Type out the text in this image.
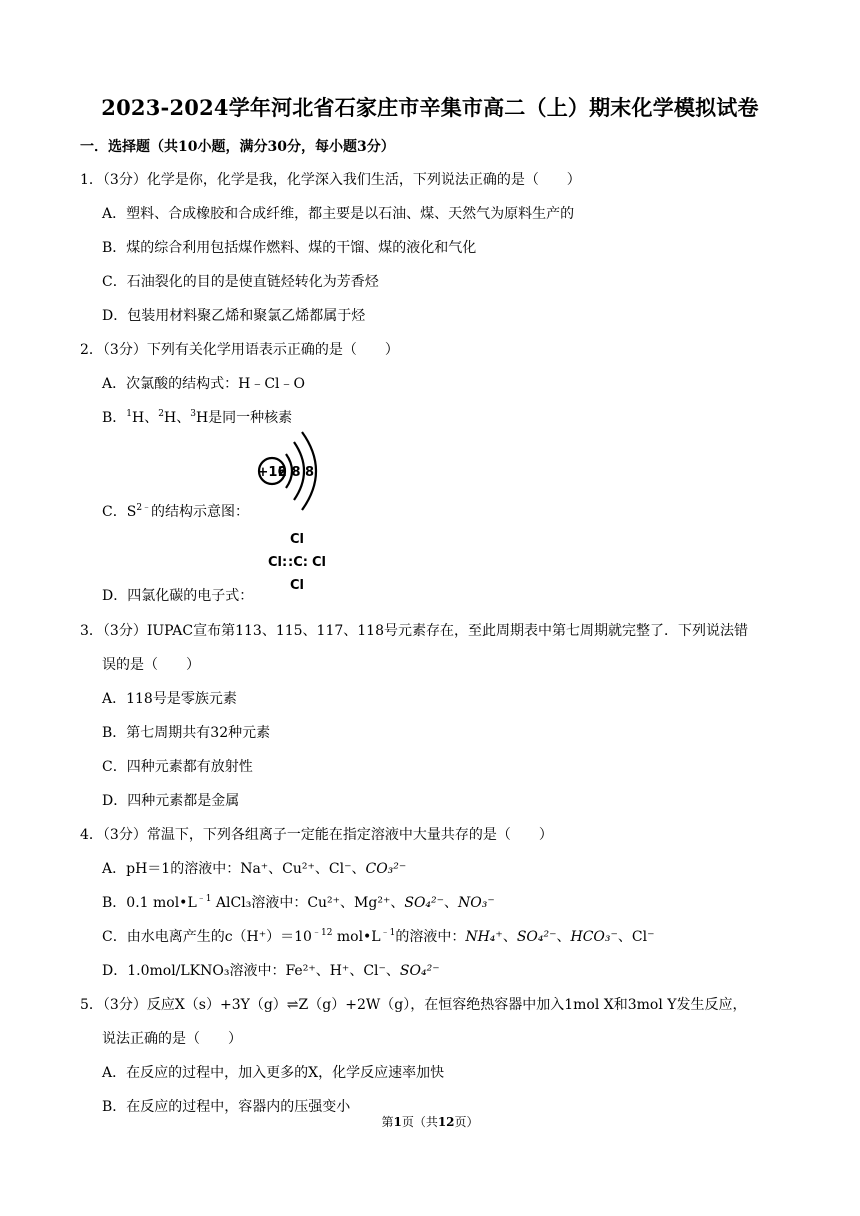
2023-2024学年河北省石家庄市辛集市高二（上）期末化学模拟试卷
一．选择题（共10小题，满分30分，每小题3分）
1．（3分）化学是你，化学是我，化学深入我们生活，下列说法正确的是（　　）
A．塑料、合成橡胶和合成纤维，都主要是以石油、煤、天然气为原料生产的
B．煤的综合利用包括煤作燃料、煤的干馏、煤的液化和气化
C．石油裂化的目的是使直链烃转化为芳香烃
D．包装用材料聚乙烯和聚氯乙烯都属于烃
2．（3分）下列有关化学用语表示正确的是（　　）
A．次氯酸的结构式：H﹣Cl﹣O
B．$^1$H、$^2$H、$^3$H是同一种核素
+16
2 8 8
C．$S^{2﹣}$的结构示意图：
Cl
Cl: :C: Cl
Cl
D．四氯化碳的电子式：
3．（3分）IUPAC宣布第113、115、117、118号元素存在，至此周期表中第七周期就完整了．下列说法错
误的是（　　）
A．118号是零族元素
B．第七周期共有32种元素
C．四种元素都有放射性
D．四种元素都是金属
4．（3分）常温下，下列各组离子一定能在指定溶液中大量共存的是（　　）
A．pH＝1的溶液中：Na⁺、Cu²⁺、Cl⁻、CO₃²⁻
B．0.1 $mol•L^{﹣1}$ AlCl₃溶液中：Cu²⁺、Mg²⁺、SO₄²⁻、NO₃⁻
C．由水电离产生的$c(H^+)=10^{﹣12}$ $mol•L^{﹣1}$的溶液中：NH₄⁺、SO₄²⁻、HCO₃⁻、Cl⁻
D．1.0mol/LKNO₃溶液中：Fe²⁺、H⁺、Cl⁻、SO₄²⁻
5．（3分）反应X（s）+3Y（g）⇌Z（g）+2W（g），在恒容绝热容器中加入1mol X和3mol Y发生反应，
说法正确的是（　　）
A．在反应的过程中，加入更多的X，化学反应速率加快
B．在反应的过程中，容器内的压强变小
第1页（共12页）
